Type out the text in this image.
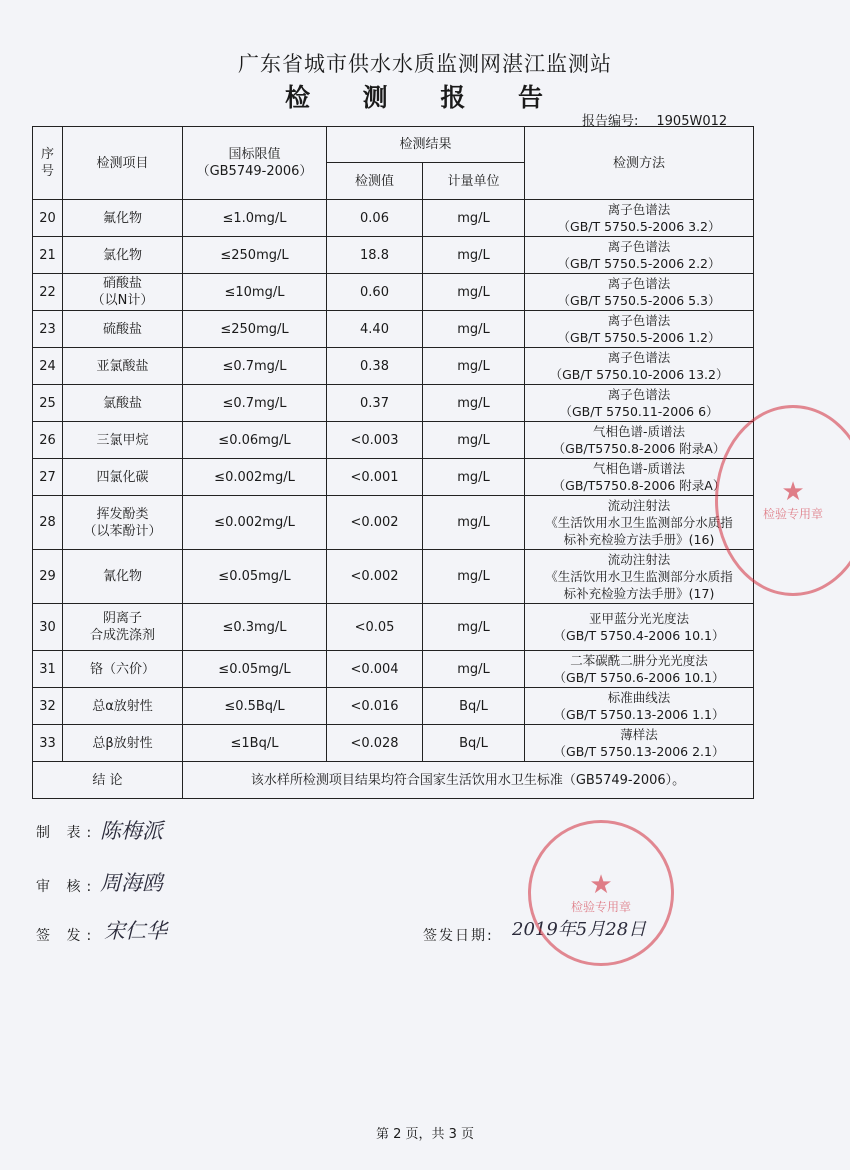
广东省城市供水水质监测网湛江监测站
检 测 报 告
报告编号: 1905W012
序
号	检测项目	国标限值
（GB5749-2006）	检测结果		检测方法
			检测值	计量单位	
20	氟化物	≤1.0mg/L	0.06	mg/L	离子色谱法
（GB/T 5750.5-2006 3.2）

21	氯化物	≤250mg/L	18.8	mg/L	离子色谱法
（GB/T 5750.5-2006 2.2）

22	硝酸盐
（以N计）	≤10mg/L	0.60	mg/L	离子色谱法
（GB/T 5750.5-2006 5.3）

23	硫酸盐	≤250mg/L	4.40	mg/L	离子色谱法
（GB/T 5750.5-2006 1.2）

24	亚氯酸盐	≤0.7mg/L	0.38	mg/L	离子色谱法
（GB/T 5750.10-2006 13.2）

25	氯酸盐	≤0.7mg/L	0.37	mg/L	离子色谱法
（GB/T 5750.11-2006 6）

26	三氯甲烷	≤0.06mg/L	<0.003	mg/L	气相色谱-质谱法
（GB/T5750.8-2006 附录A）

27	四氯化碳	≤0.002mg/L	<0.001	mg/L	气相色谱-质谱法
（GB/T5750.8-2006 附录A）

28	挥发酚类
（以苯酚计）	≤0.002mg/L	<0.002	mg/L	流动注射法
《生活饮用水卫生监测部分水质指
标补充检验方法手册》(16)

29	氰化物	≤0.05mg/L	<0.002	mg/L	流动注射法
《生活饮用水卫生监测部分水质指
标补充检验方法手册》(17)

30	阴离子
合成洗涤剂	≤0.3mg/L	<0.05	mg/L	亚甲蓝分光光度法
（GB/T 5750.4-2006 10.1）

31	铬（六价）	≤0.05mg/L	<0.004	mg/L	二苯碳酰二肼分光光度法
（GB/T 5750.6-2006 10.1）

32	总α放射性	≤0.5Bq/L	<0.016	Bq/L	标准曲线法
（GB/T 5750.13-2006 1.1）

33	总β放射性	≤1Bq/L	<0.028	Bq/L	薄样法
（GB/T 5750.13-2006 2.1）

结 论		该水样所检测项目结果均符合国家生活饮用水卫生标准（GB5749-2006）。			
制 表: 陈梅派
审 核: 周海鸥
签 发: 宋仁华	签发日期: 2019年5月28日
★
检验专用章
★
检验专用章
第 2 页，共 3 页
